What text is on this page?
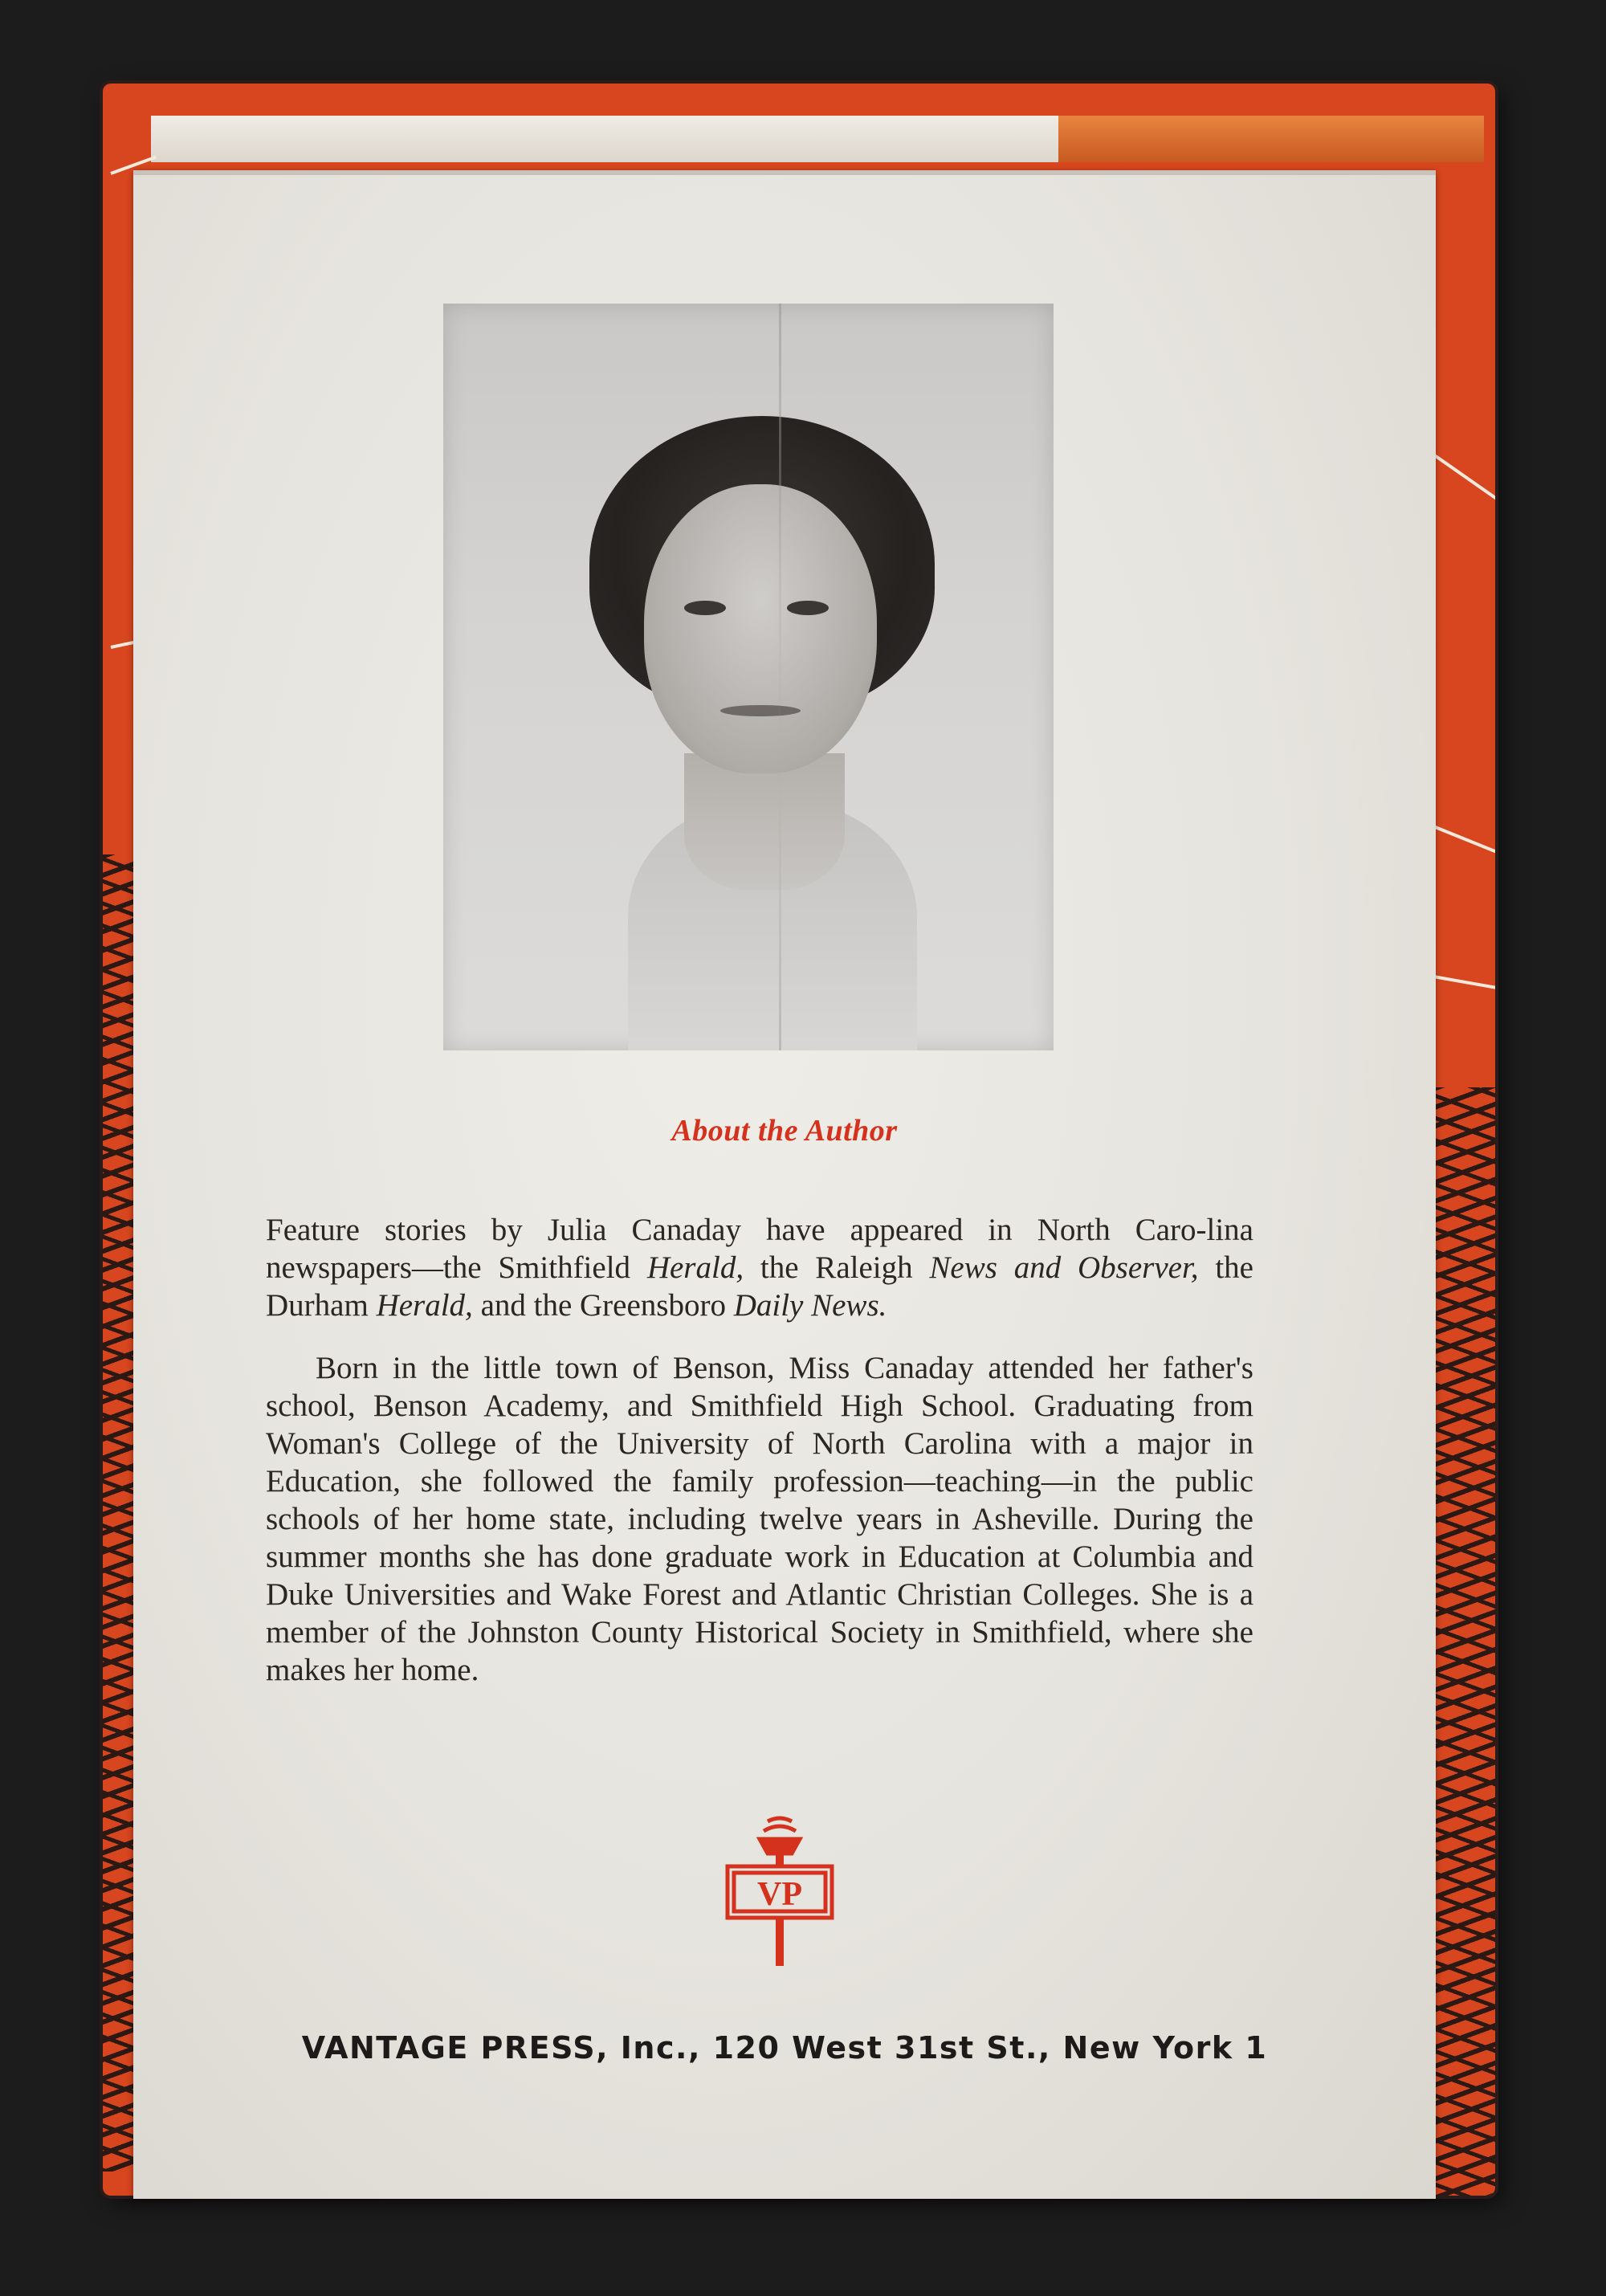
About the Author
Feature stories by Julia Canaday have appeared in North Caro-lina newspapers—the Smithfield Herald, the Raleigh News and Observer, the Durham Herald, and the Greensboro Daily News.
Born in the little town of Benson, Miss Canaday attended her father's school, Benson Academy, and Smithfield High School. Graduating from Woman's College of the University of North Carolina with a major in Education, she followed the family profession—teaching—in the public schools of her home state, including twelve years in Asheville. During the summer months she has done graduate work in Education at Columbia and Duke Universities and Wake Forest and Atlantic Christian Colleges. She is a member of the Johnston County Historical Society in Smithfield, where she makes her home.
VP
VANTAGE PRESS, Inc., 120 West 31st St., New York 1
